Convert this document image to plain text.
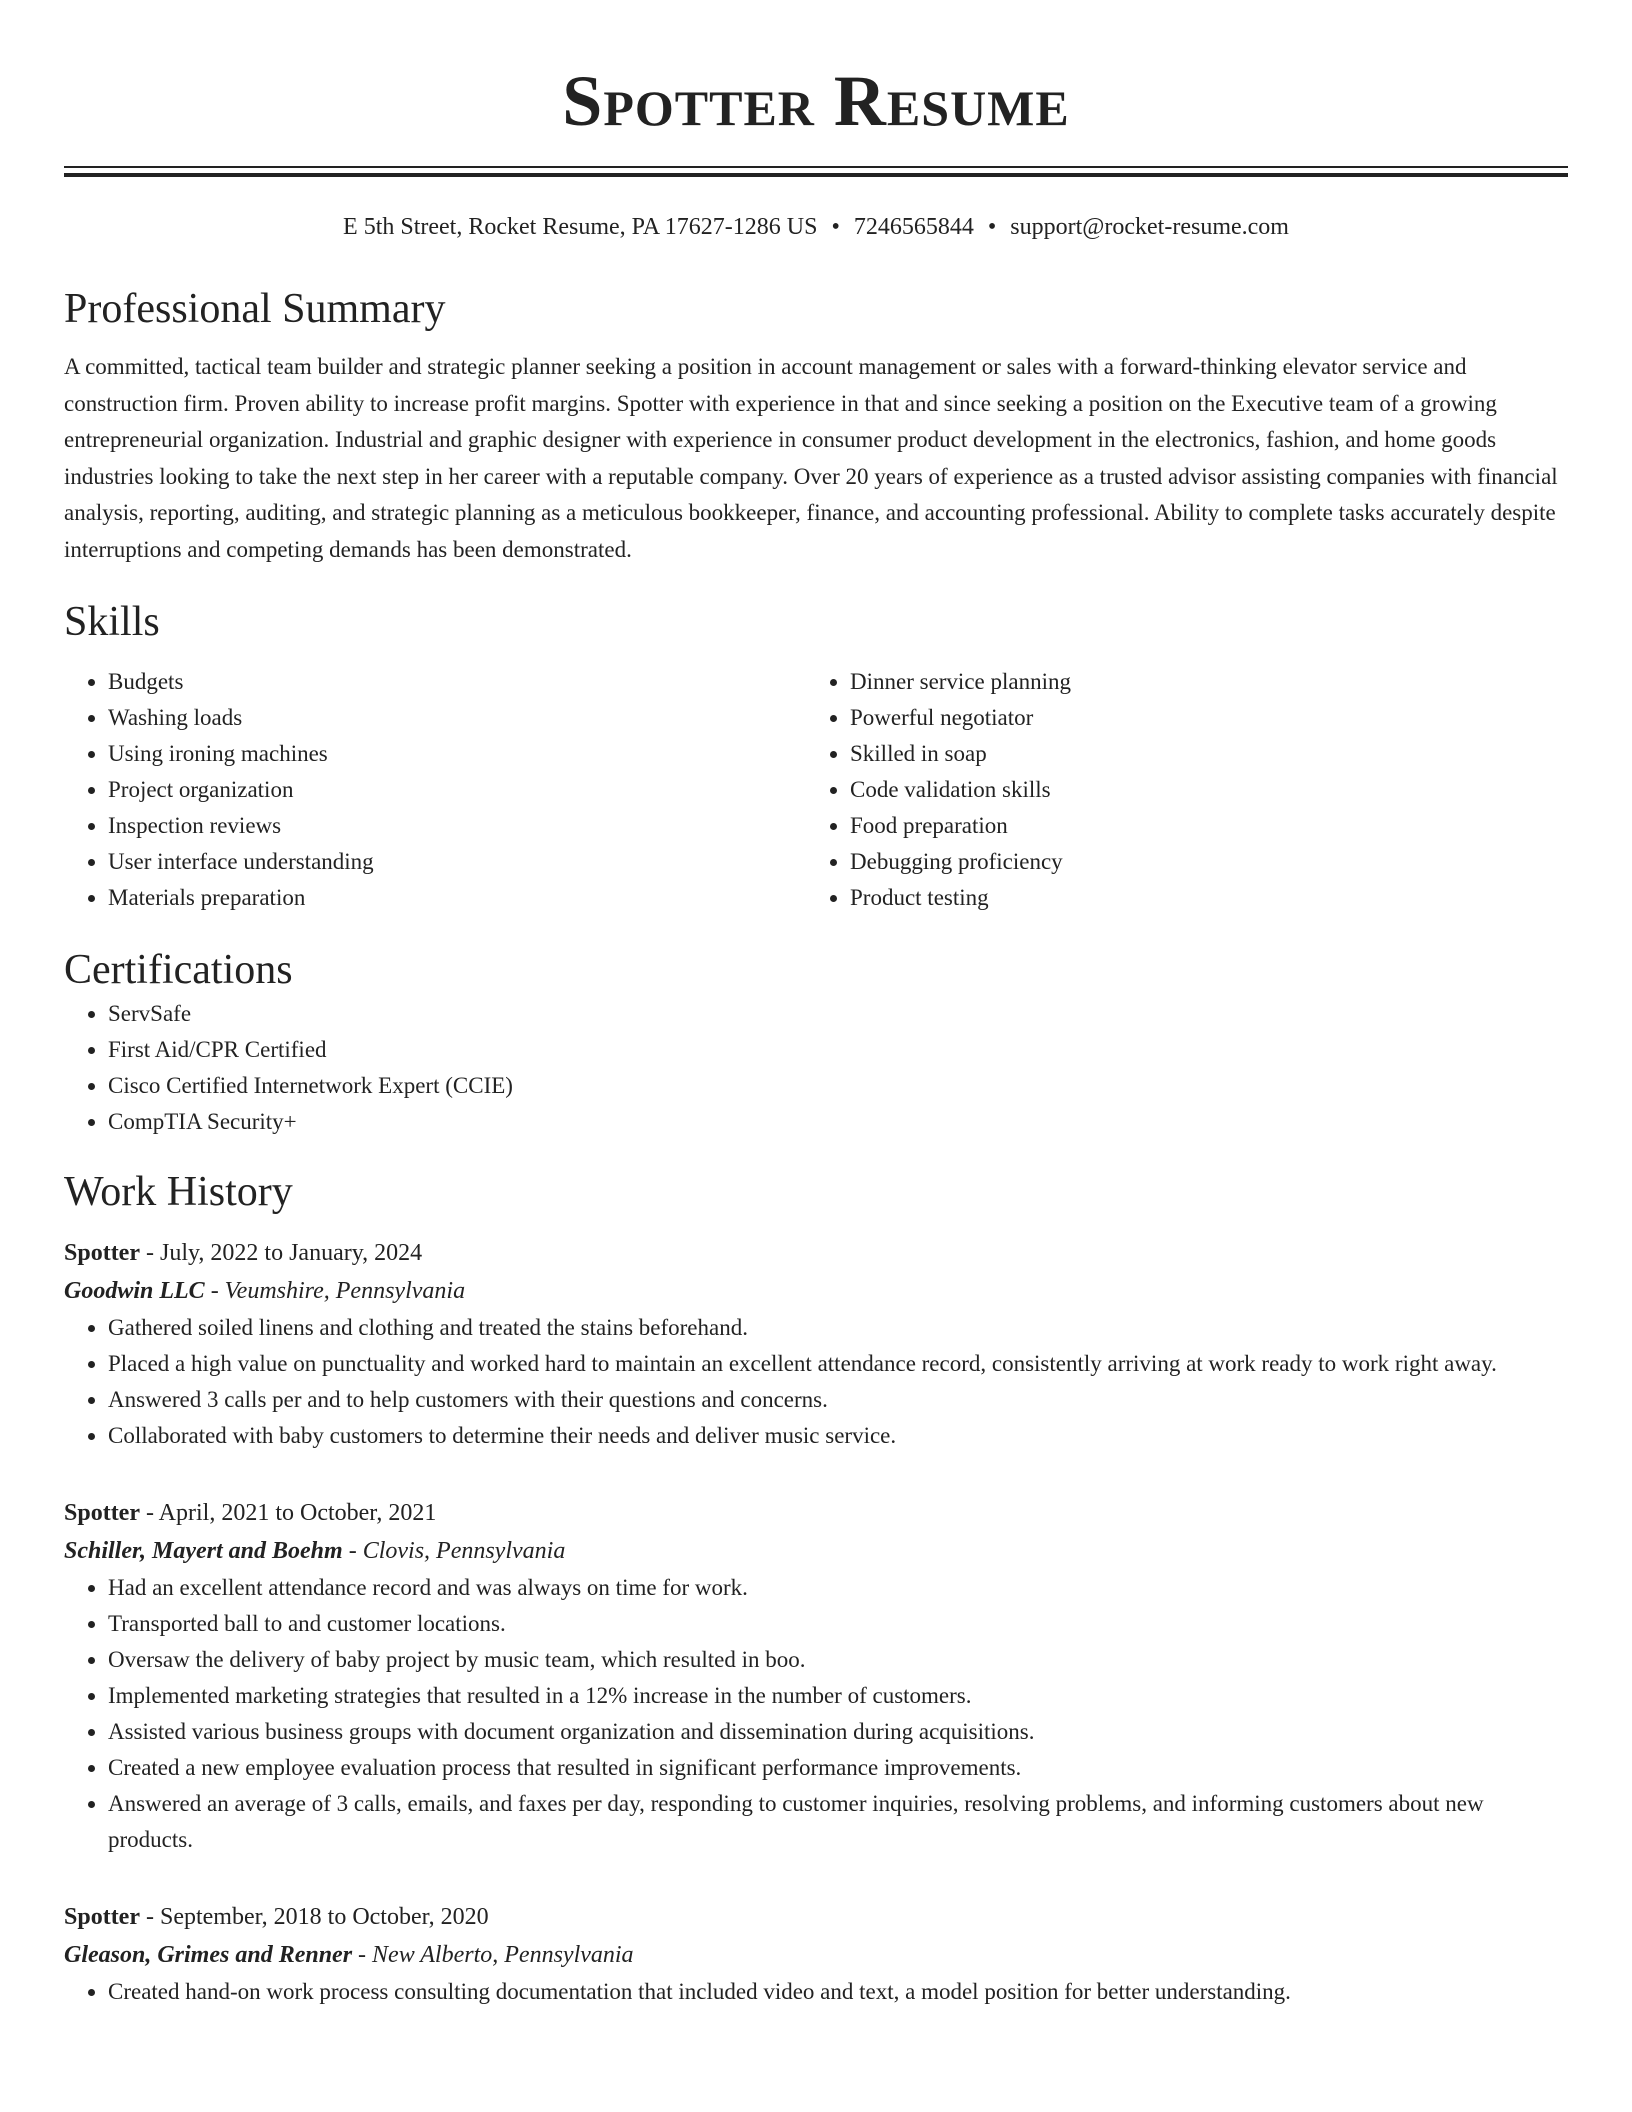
Spotter Resume
E 5th Street, Rocket Resume, PA 17627-1286 US • 7246565844 • support@rocket-resume.com
Professional Summary

A committed, tactical team builder and strategic planner seeking a position in account management or sales with a forward-thinking elevator service and construction firm. Proven ability to increase profit margins. Spotter with experience in that and since seeking a position on the Executive team of a growing entrepreneurial organization. Industrial and graphic designer with experience in consumer product development in the electronics, fashion, and home goods industries looking to take the next step in her career with a reputable company. Over 20 years of experience as a trusted advisor assisting companies with financial analysis, reporting, auditing, and strategic planning as a meticulous bookkeeper, finance, and accounting professional. Ability to complete tasks accurately despite interruptions and competing demands has been demonstrated.

Skills
• Budgets
• Washing loads
• Using ironing machines
• Project organization
• Inspection reviews
• User interface understanding
• Materials preparation
• Dinner service planning
• Powerful negotiator
• Skilled in soap
• Code validation skills
• Food preparation
• Debugging proficiency
• Product testing
Certifications
• ServSafe
• First Aid/CPR Certified
• Cisco Certified Internetwork Expert (CCIE)
• CompTIA Security+
Work History
Spotter - July, 2022 to January, 2024
Goodwin LLC - Veumshire, Pennsylvania
• Gathered soiled linens and clothing and treated the stains beforehand.
• Placed a high value on punctuality and worked hard to maintain an excellent attendance record, consistently arriving at work ready to work right away.
• Answered 3 calls per and to help customers with their questions and concerns.
• Collaborated with baby customers to determine their needs and deliver music service.
Spotter - April, 2021 to October, 2021
Schiller, Mayert and Boehm - Clovis, Pennsylvania
• Had an excellent attendance record and was always on time for work.
• Transported ball to and customer locations.
• Oversaw the delivery of baby project by music team, which resulted in boo.
• Implemented marketing strategies that resulted in a 12% increase in the number of customers.
• Assisted various business groups with document organization and dissemination during acquisitions.
• Created a new employee evaluation process that resulted in significant performance improvements.
• Answered an average of 3 calls, emails, and faxes per day, responding to customer inquiries, resolving problems, and informing customers about new products.
Spotter - September, 2018 to October, 2020
Gleason, Grimes and Renner - New Alberto, Pennsylvania
• Created hand-on work process consulting documentation that included video and text, a model position for better understanding.
